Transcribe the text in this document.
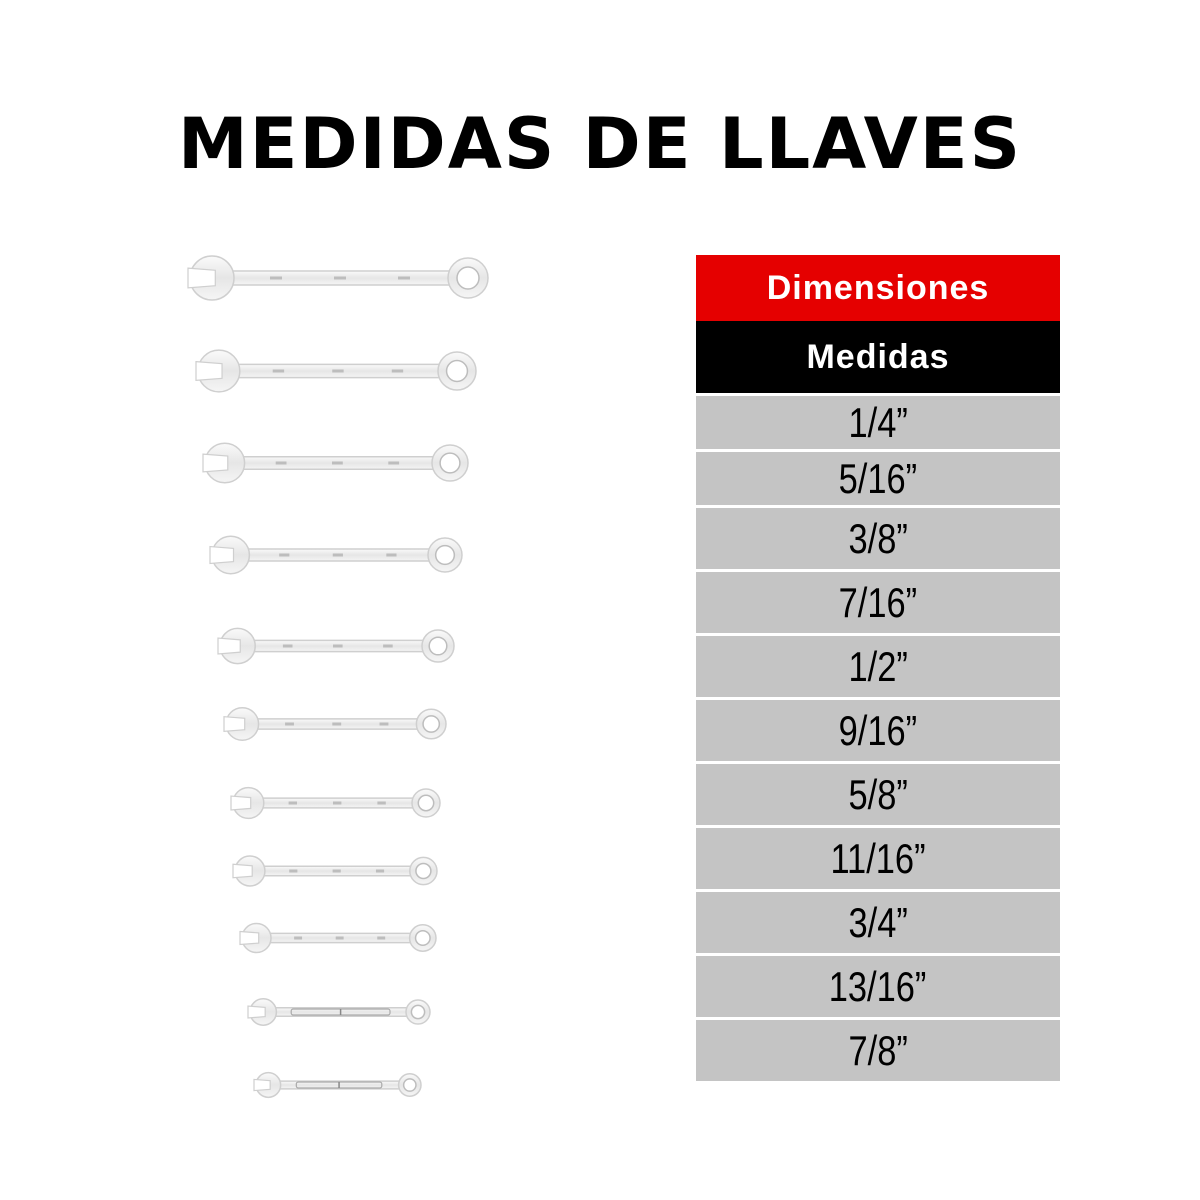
MEDIDAS DE LLAVES
Dimensiones
Medidas
1/4”
5/16”
3/8”
7/16”
1/2”
9/16”
5/8”
11/16”
3/4”
13/16”
7/8”
